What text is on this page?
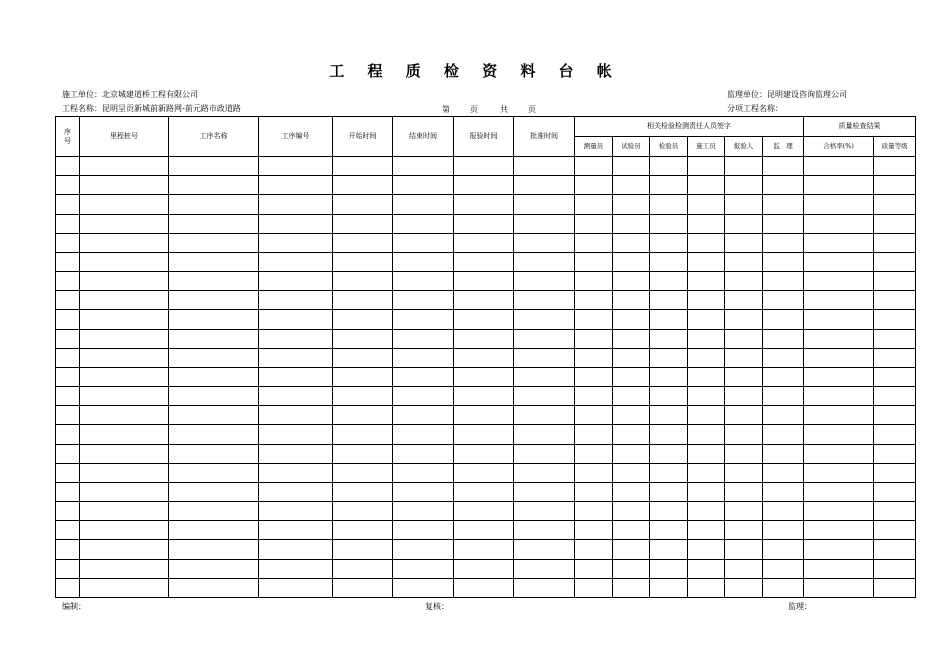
工 程 质 检 资 料 台 帐
施工单位：北京城建道桥工程有限公司	监理单位：昆明建设咨询监理公司
工程名称：昆明呈贡新城前新路网-前元路市政道路	第	页	共	页	分项工程名称：
序号	里程桩号	工序名称	工序编号	开始时间	结束时间	报验时间	批准时间	相关检验检测责任人员签字						质量检查结果	
								测量员	试验员	检验员	施工员	报验人	监　理	合格率(%)	质量等级

编制：	复核：	监理：
